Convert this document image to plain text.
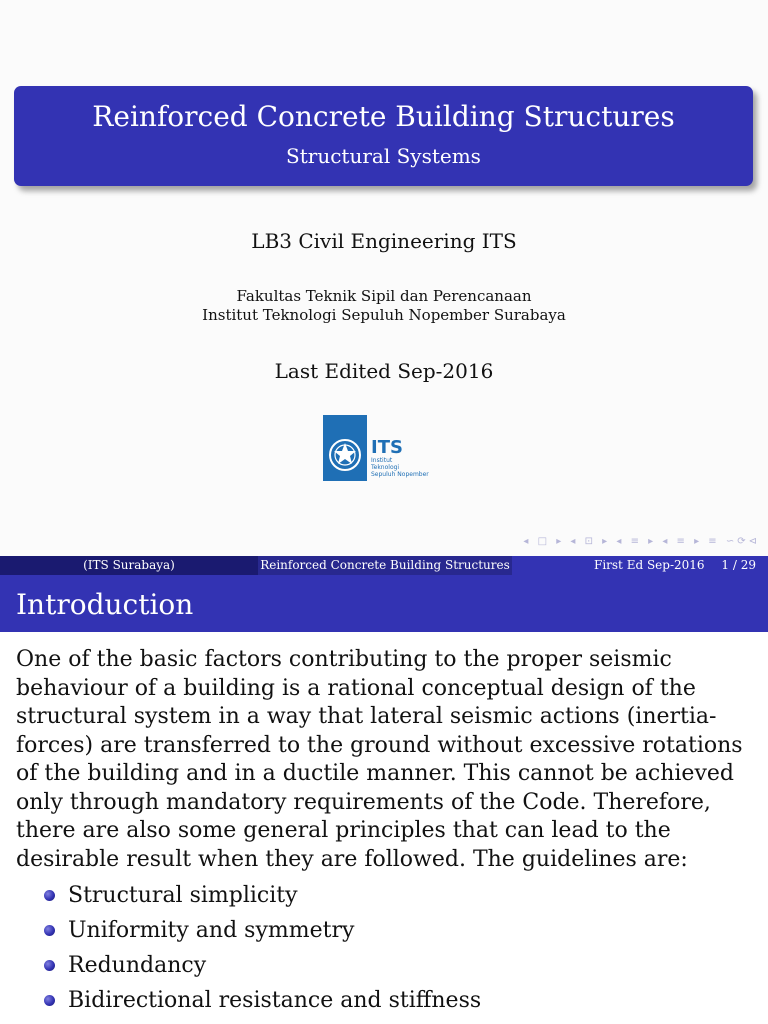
Reinforced Concrete Building Structures
Structural Systems
LB3 Civil Engineering ITS
Fakultas Teknik Sipil dan Perencanaan
Institut Teknologi Sepuluh Nopember Surabaya
Last Edited Sep-2016
ITS
Institut
Teknologi
Sepuluh Nopember
◂ □ ▸ ◂ ⊡ ▸ ◂ ≡ ▸ ◂ ≡ ▸ ≡ ∽⟳⊲
(ITS Surabaya)	Reinforced Concrete Building Structures	First Ed Sep-2016 1 / 29
Introduction

One of the basic factors contributing to the proper seismic behaviour of a building is a rational conceptual design of the structural system in a way that lateral seismic actions (inertia-forces) are transferred to the ground without excessive rotations of the building and in a ductile manner. This cannot be achieved only through mandatory requirements of the Code. Therefore, there are also some general principles that can lead to the desirable result when they are followed. The guidelines are:

Structural simplicity
Uniformity and symmetry
Redundancy
Bidirectional resistance and stiffness
